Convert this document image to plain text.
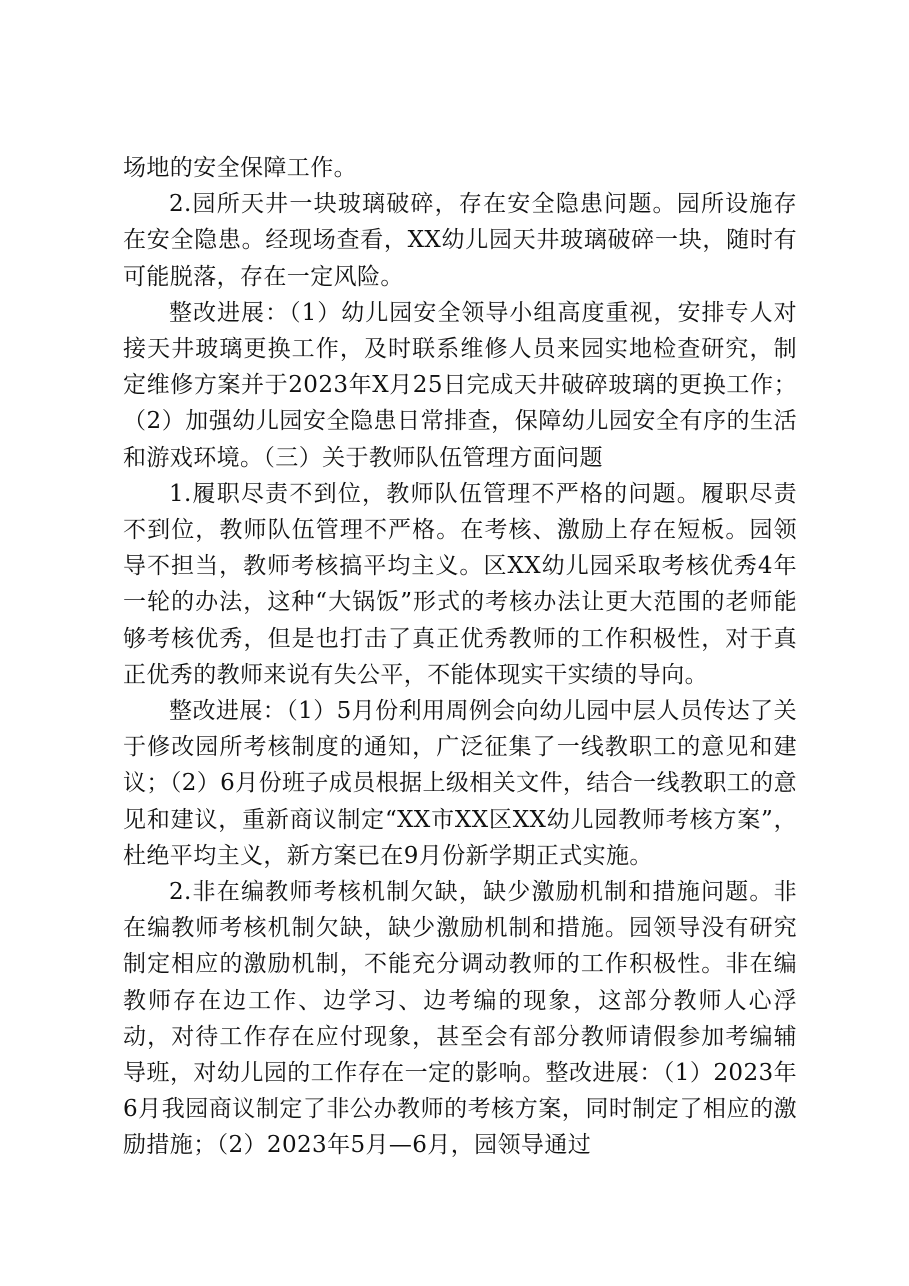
场地的安全保障工作。

2.园所天井一块玻璃破碎，存在安全隐患问题。园所设施存在安全隐患。经现场查看，XX幼儿园天井玻璃破碎一块，随时有可能脱落，存在一定风险。

整改进展：（1）幼儿园安全领导小组高度重视，安排专人对接天井玻璃更换工作，及时联系维修人员来园实地检查研究，制定维修方案并于2023年X月25日完成天井破碎玻璃的更换工作；（2）加强幼儿园安全隐患日常排查，保障幼儿园安全有序的生活和游戏环境。（三）关于教师队伍管理方面问题

1.履职尽责不到位，教师队伍管理不严格的问题。履职尽责不到位，教师队伍管理不严格。在考核、激励上存在短板。园领导不担当，教师考核搞平均主义。区XX幼儿园采取考核优秀4年一轮的办法，这种“大锅饭”形式的考核办法让更大范围的老师能够考核优秀，但是也打击了真正优秀教师的工作积极性，对于真正优秀的教师来说有失公平，不能体现实干实绩的导向。

整改进展：（1）5月份利用周例会向幼儿园中层人员传达了关于修改园所考核制度的通知，广泛征集了一线教职工的意见和建议；（2）6月份班子成员根据上级相关文件，结合一线教职工的意见和建议，重新商议制定“XX市XX区XX幼儿园教师考核方案”，杜绝平均主义，新方案已在9月份新学期正式实施。

2.非在编教师考核机制欠缺，缺少激励机制和措施问题。非在编教师考核机制欠缺，缺少激励机制和措施。园领导没有研究制定相应的激励机制，不能充分调动教师的工作积极性。非在编教师存在边工作、边学习、边考编的现象，这部分教师人心浮动，对待工作存在应付现象，甚至会有部分教师请假参加考编辅导班，对幼儿园的工作存在一定的影响。整改进展：（1）2023年6月我园商议制定了非公办教师的考核方案，同时制定了相应的激励措施；（2）2023年5月—6月，园领导通过
